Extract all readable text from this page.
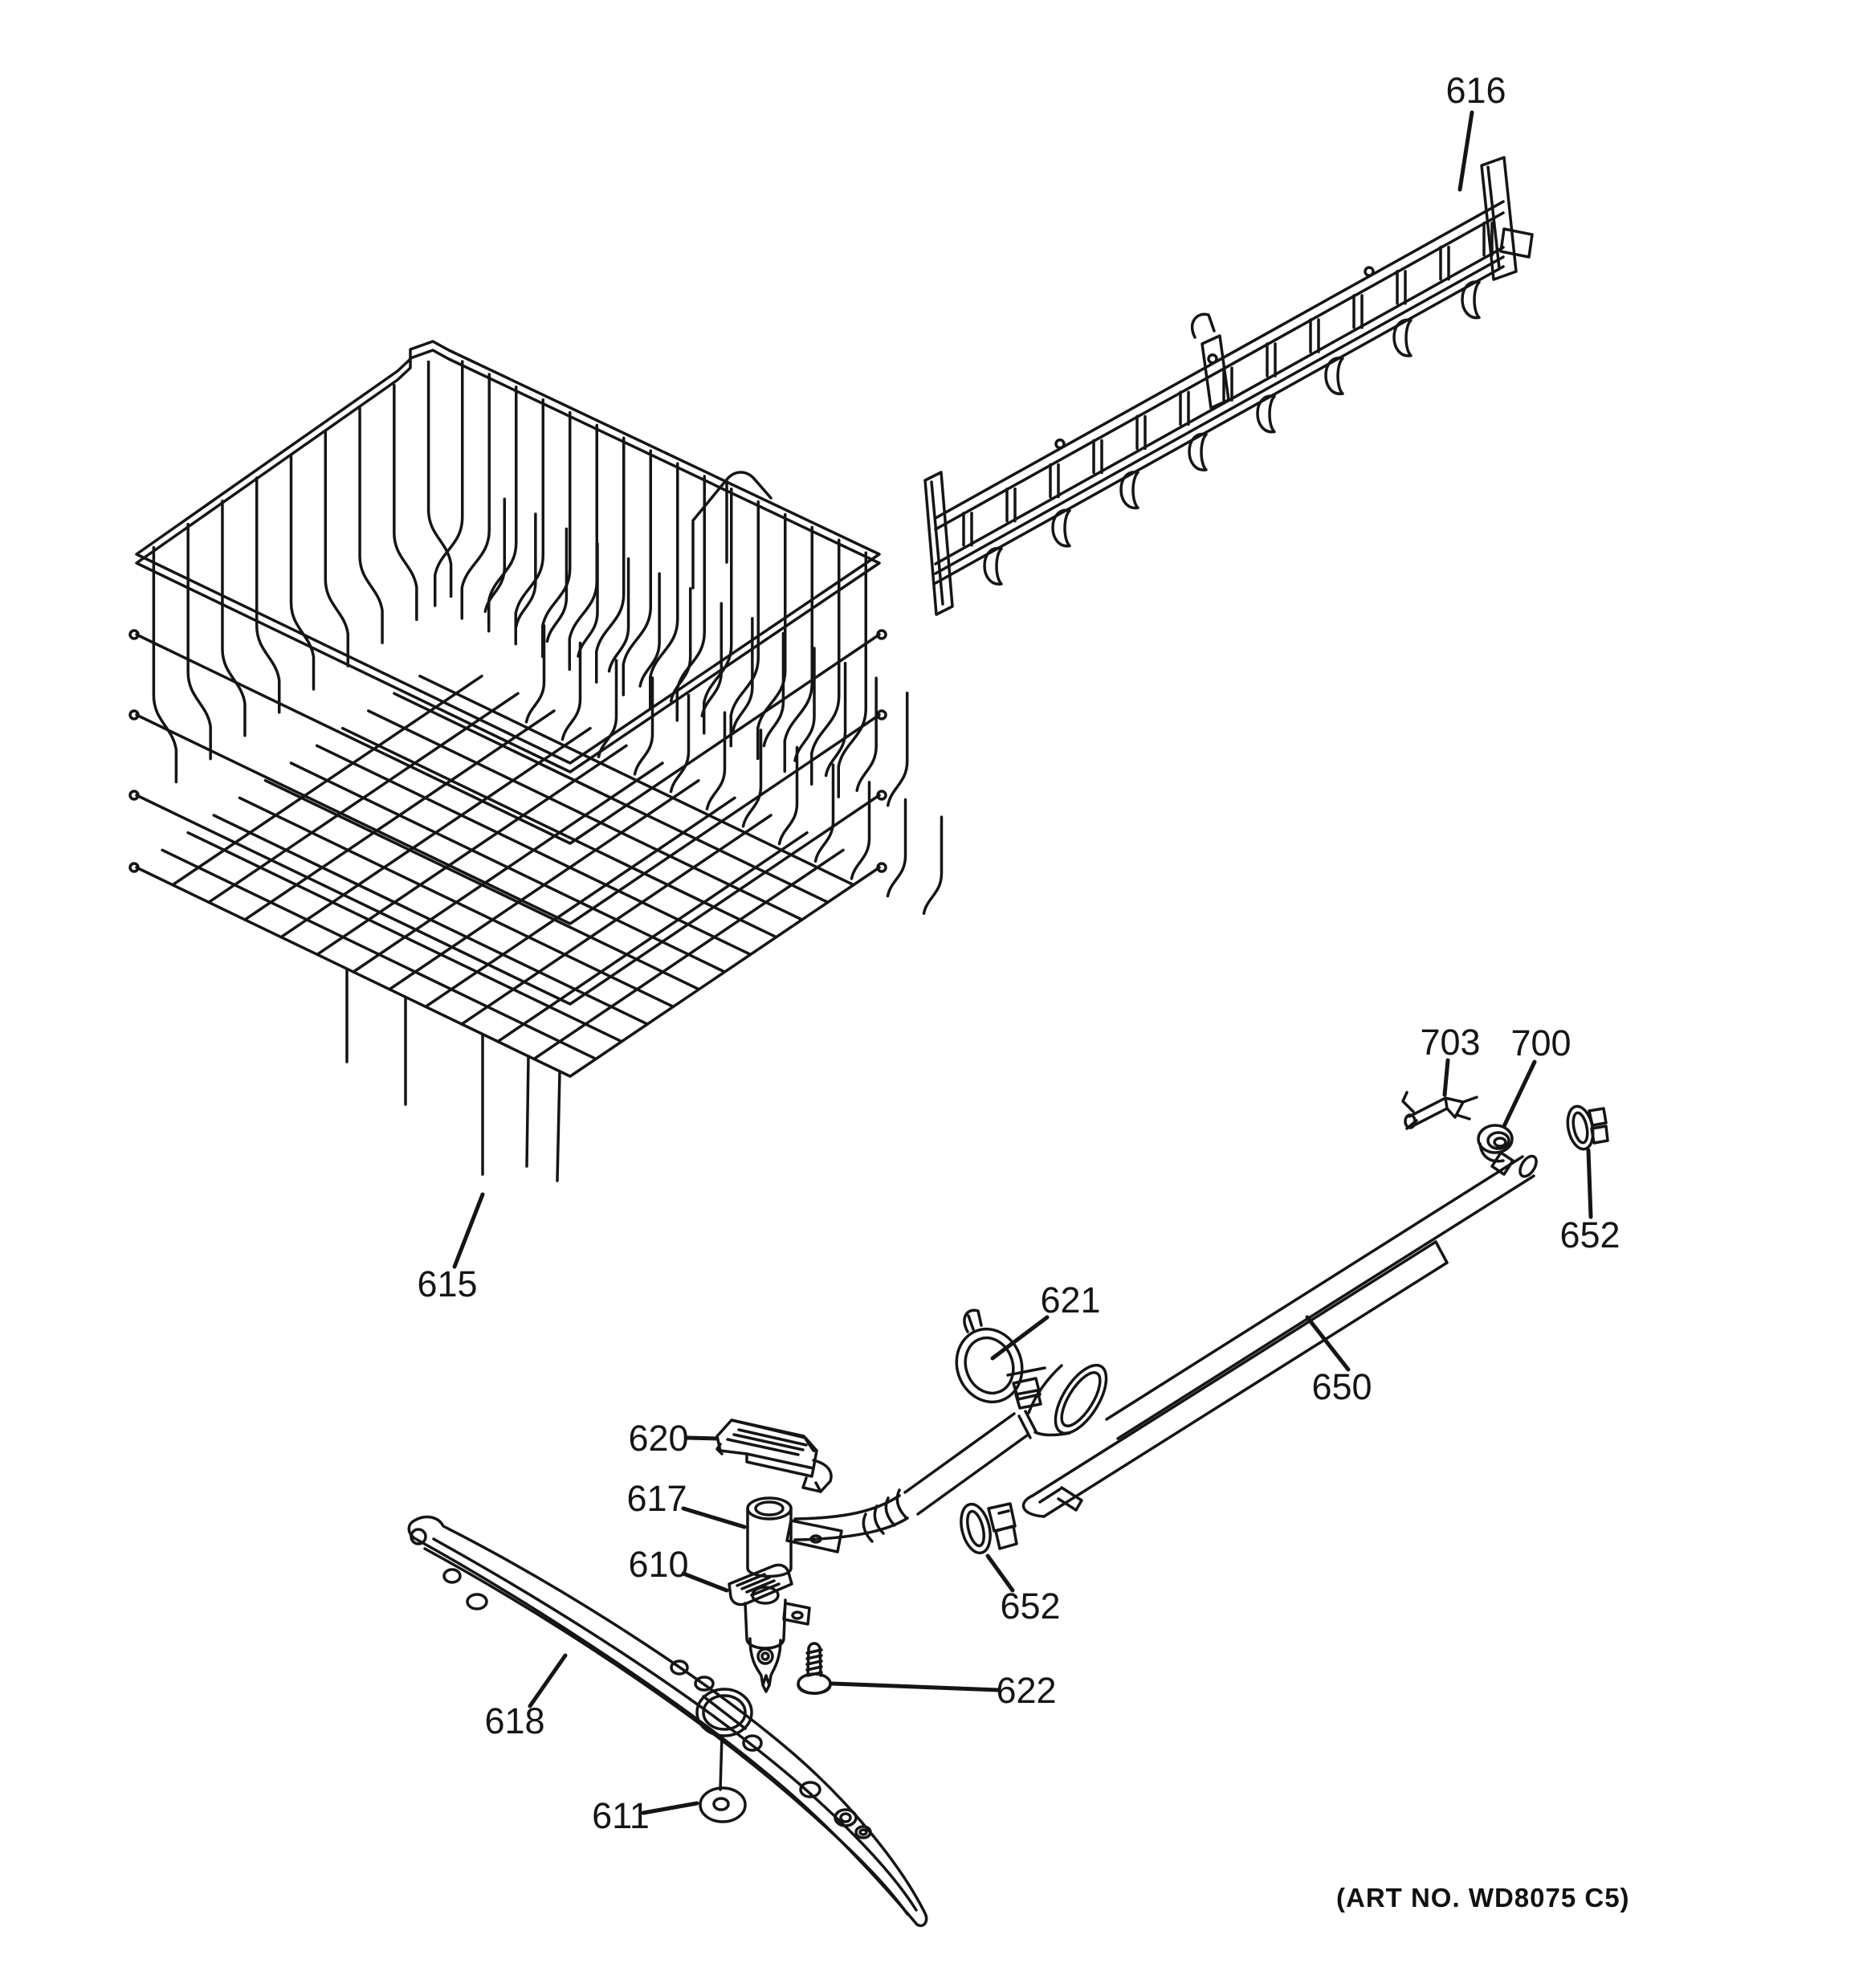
616
615
703 700
652
650
621
620
617
610
622
652
618
611
(ART NO. WD8075 C5)
